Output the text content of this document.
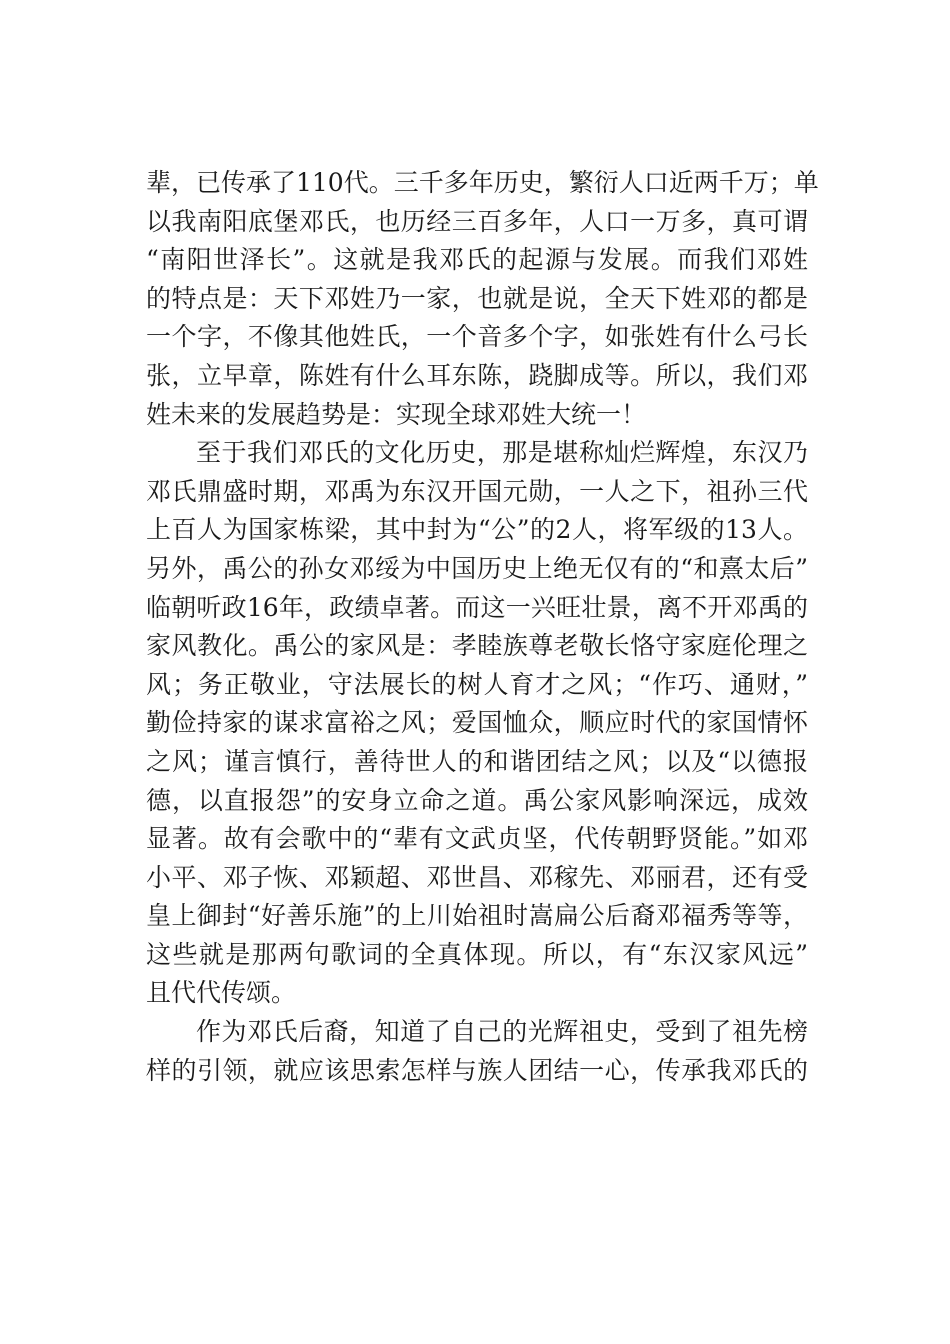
辈，已传承了110代。三千多年历史，繁衍人口近两千万；单
以我南阳底堡邓氏，也历经三百多年，人口一万多，真可谓
“南阳世泽长”。这就是我邓氏的起源与发展。而我们邓姓
的特点是：天下邓姓乃一家，也就是说，全天下姓邓的都是
一个字，不像其他姓氏，一个音多个字，如张姓有什么弓长
张，立早章，陈姓有什么耳东陈，跷脚成等。所以，我们邓
姓未来的发展趋势是：实现全球邓姓大统一！
至于我们邓氏的文化历史，那是堪称灿烂辉煌，东汉乃
邓氏鼎盛时期，邓禹为东汉开国元勋，一人之下，祖孙三代
上百人为国家栋梁，其中封为“公”的2人，将军级的13人。
另外，禹公的孙女邓绥为中国历史上绝无仅有的“和熹太后”
临朝听政16年，政绩卓著。而这一兴旺壮景，离不开邓禹的
家风教化。禹公的家风是：孝睦族尊老敬长恪守家庭伦理之
风；务正敬业，守法展长的树人育才之风；“作巧、通财，”
勤俭持家的谋求富裕之风；爱国恤众，顺应时代的家国情怀
之风；谨言慎行，善待世人的和谐团结之风；以及“以德报
德，以直报怨”的安身立命之道。禹公家风影响深远，成效
显著。故有会歌中的“辈有文武贞坚，代传朝野贤能。”如邓
小平、邓子恢、邓颖超、邓世昌、邓稼先、邓丽君，还有受
皇上御封“好善乐施”的上川始祖时嵩扁公后裔邓福秀等等，
这些就是那两句歌词的全真体现。所以，有“东汉家风远”
且代代传颂。
作为邓氏后裔，知道了自己的光辉祖史，受到了祖先榜
样的引领，就应该思索怎样与族人团结一心，传承我邓氏的
